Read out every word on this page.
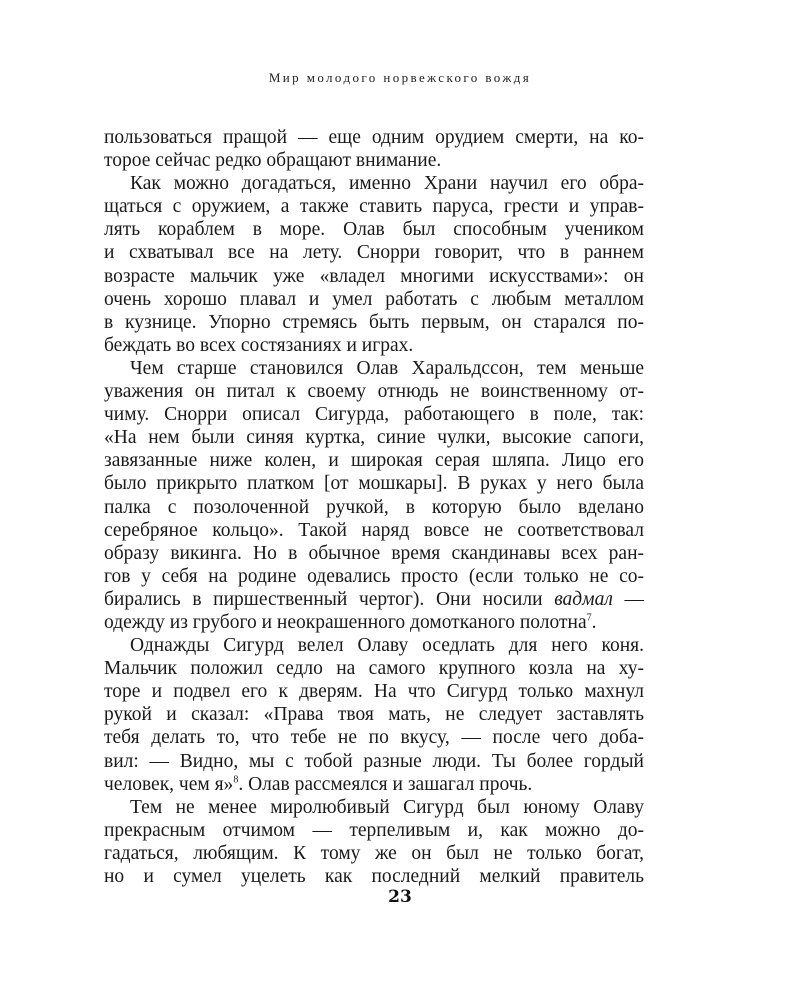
Мир молодого норвежского вождя
пользоваться пращой — еще одним орудием смерти, на ко-
торое сейчас редко обращают внимание.
Как можно догадаться, именно Храни научил его обра-
щаться с оружием, а также ставить паруса, грести и управ-
лять кораблем в море. Олав был способным учеником
и схватывал все на лету. Снорри говорит, что в раннем
возрасте мальчик уже «владел многими искусствами»: он
очень хорошо плавал и умел работать с любым металлом
в кузнице. Упорно стремясь быть первым, он старался по-
беждать во всех состязаниях и играх.
Чем старше становился Олав Харальдссон, тем меньше
уважения он питал к своему отнюдь не воинственному от-
чиму. Снорри описал Сигурда, работающего в поле, так:
«На нем были синяя куртка, синие чулки, высокие сапоги,
завязанные ниже колен, и широкая серая шляпа. Лицо его
было прикрыто платком [от мошкары]. В руках у него была
палка с позолоченной ручкой, в которую было вделано
серебряное кольцо». Такой наряд вовсе не соответствовал
образу викинга. Но в обычное время скандинавы всех ран-
гов у себя на родине одевались просто (если только не со-
бирались в пиршественный чертог). Они носили вадмал —
одежду из грубого и неокрашенного домотканого полотна$^7$.
Однажды Сигурд велел Олаву оседлать для него коня.
Мальчик положил седло на самого крупного козла на ху-
торе и подвел его к дверям. На что Сигурд только махнул
рукой и сказал: «Права твоя мать, не следует заставлять
тебя делать то, что тебе не по вкусу, — после чего доба-
вил: — Видно, мы с тобой разные люди. Ты более гордый
человек, чем я»$^8$. Олав рассмеялся и зашагал прочь.
Тем не менее миролюбивый Сигурд был юному Олаву
прекрасным отчимом — терпеливым и, как можно до-
гадаться, любящим. К тому же он был не только богат,
но и сумел уцелеть как последний мелкий правитель
23
